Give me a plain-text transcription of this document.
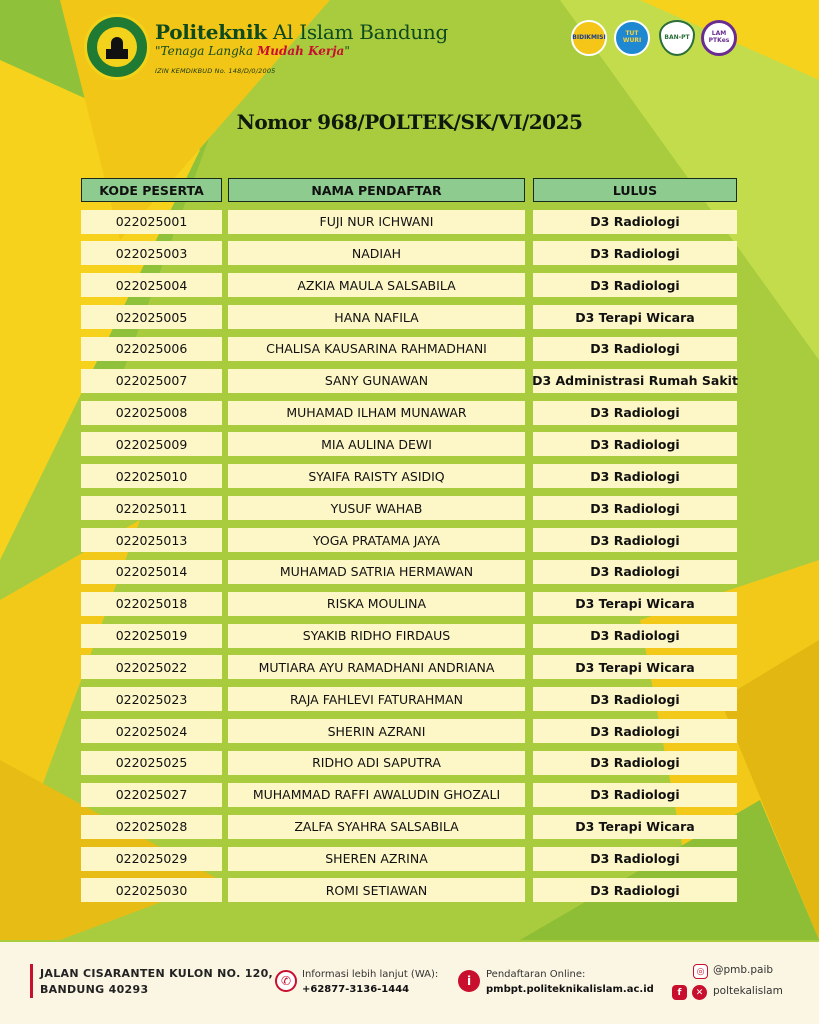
Politeknik Al Islam Bandung
"Tenaga Langka Mudah Kerja"
IZIN KEMDIKBUD No. 148/D/0/2005
BIDIKMISI	TUT WURI	BAN-PT	LAM PTKes
Nomor 968/POLTEK/SK/VI/2025
KODE PESERTA	NAMA PENDAFTAR	LULUS
022025001	FUJI NUR ICHWANI	D3 Radiologi
022025003	NADIAH	D3 Radiologi
022025004	AZKIA MAULA SALSABILA	D3 Radiologi
022025005	HANA NAFILA	D3 Terapi Wicara
022025006	CHALISA KAUSARINA RAHMADHANI	D3 Radiologi
022025007	SANY GUNAWAN	D3 Administrasi Rumah Sakit
022025008	MUHAMAD ILHAM MUNAWAR	D3 Radiologi
022025009	MIA AULINA DEWI	D3 Radiologi
022025010	SYAIFA RAISTY ASIDIQ	D3 Radiologi
022025011	YUSUF WAHAB	D3 Radiologi
022025013	YOGA PRATAMA JAYA	D3 Radiologi
022025014	MUHAMAD SATRIA HERMAWAN	D3 Radiologi
022025018	RISKA MOULINA	D3 Terapi Wicara
022025019	SYAKIB RIDHO FIRDAUS	D3 Radiologi
022025022	MUTIARA AYU RAMADHANI ANDRIANA	D3 Terapi Wicara
022025023	RAJA FAHLEVI FATURAHMAN	D3 Radiologi
022025024	SHERIN AZRANI	D3 Radiologi
022025025	RIDHO ADI SAPUTRA	D3 Radiologi
022025027	MUHAMMAD RAFFI AWALUDIN GHOZALI	D3 Radiologi
022025028	ZALFA SYAHRA SALSABILA	D3 Terapi Wicara
022025029	SHEREN AZRINA	D3 Radiologi
022025030	ROMI SETIAWAN	D3 Radiologi
JALAN CISARANTEN KULON NO. 120,
BANDUNG 40293
✆	Informasi lebih lanjut (WA):
+62877-3136-1444
i	Pendaftaran Online:
pmbpt.politeknikalislam.ac.id
◎ @pmb.paib
f	✕ poltekalislam
